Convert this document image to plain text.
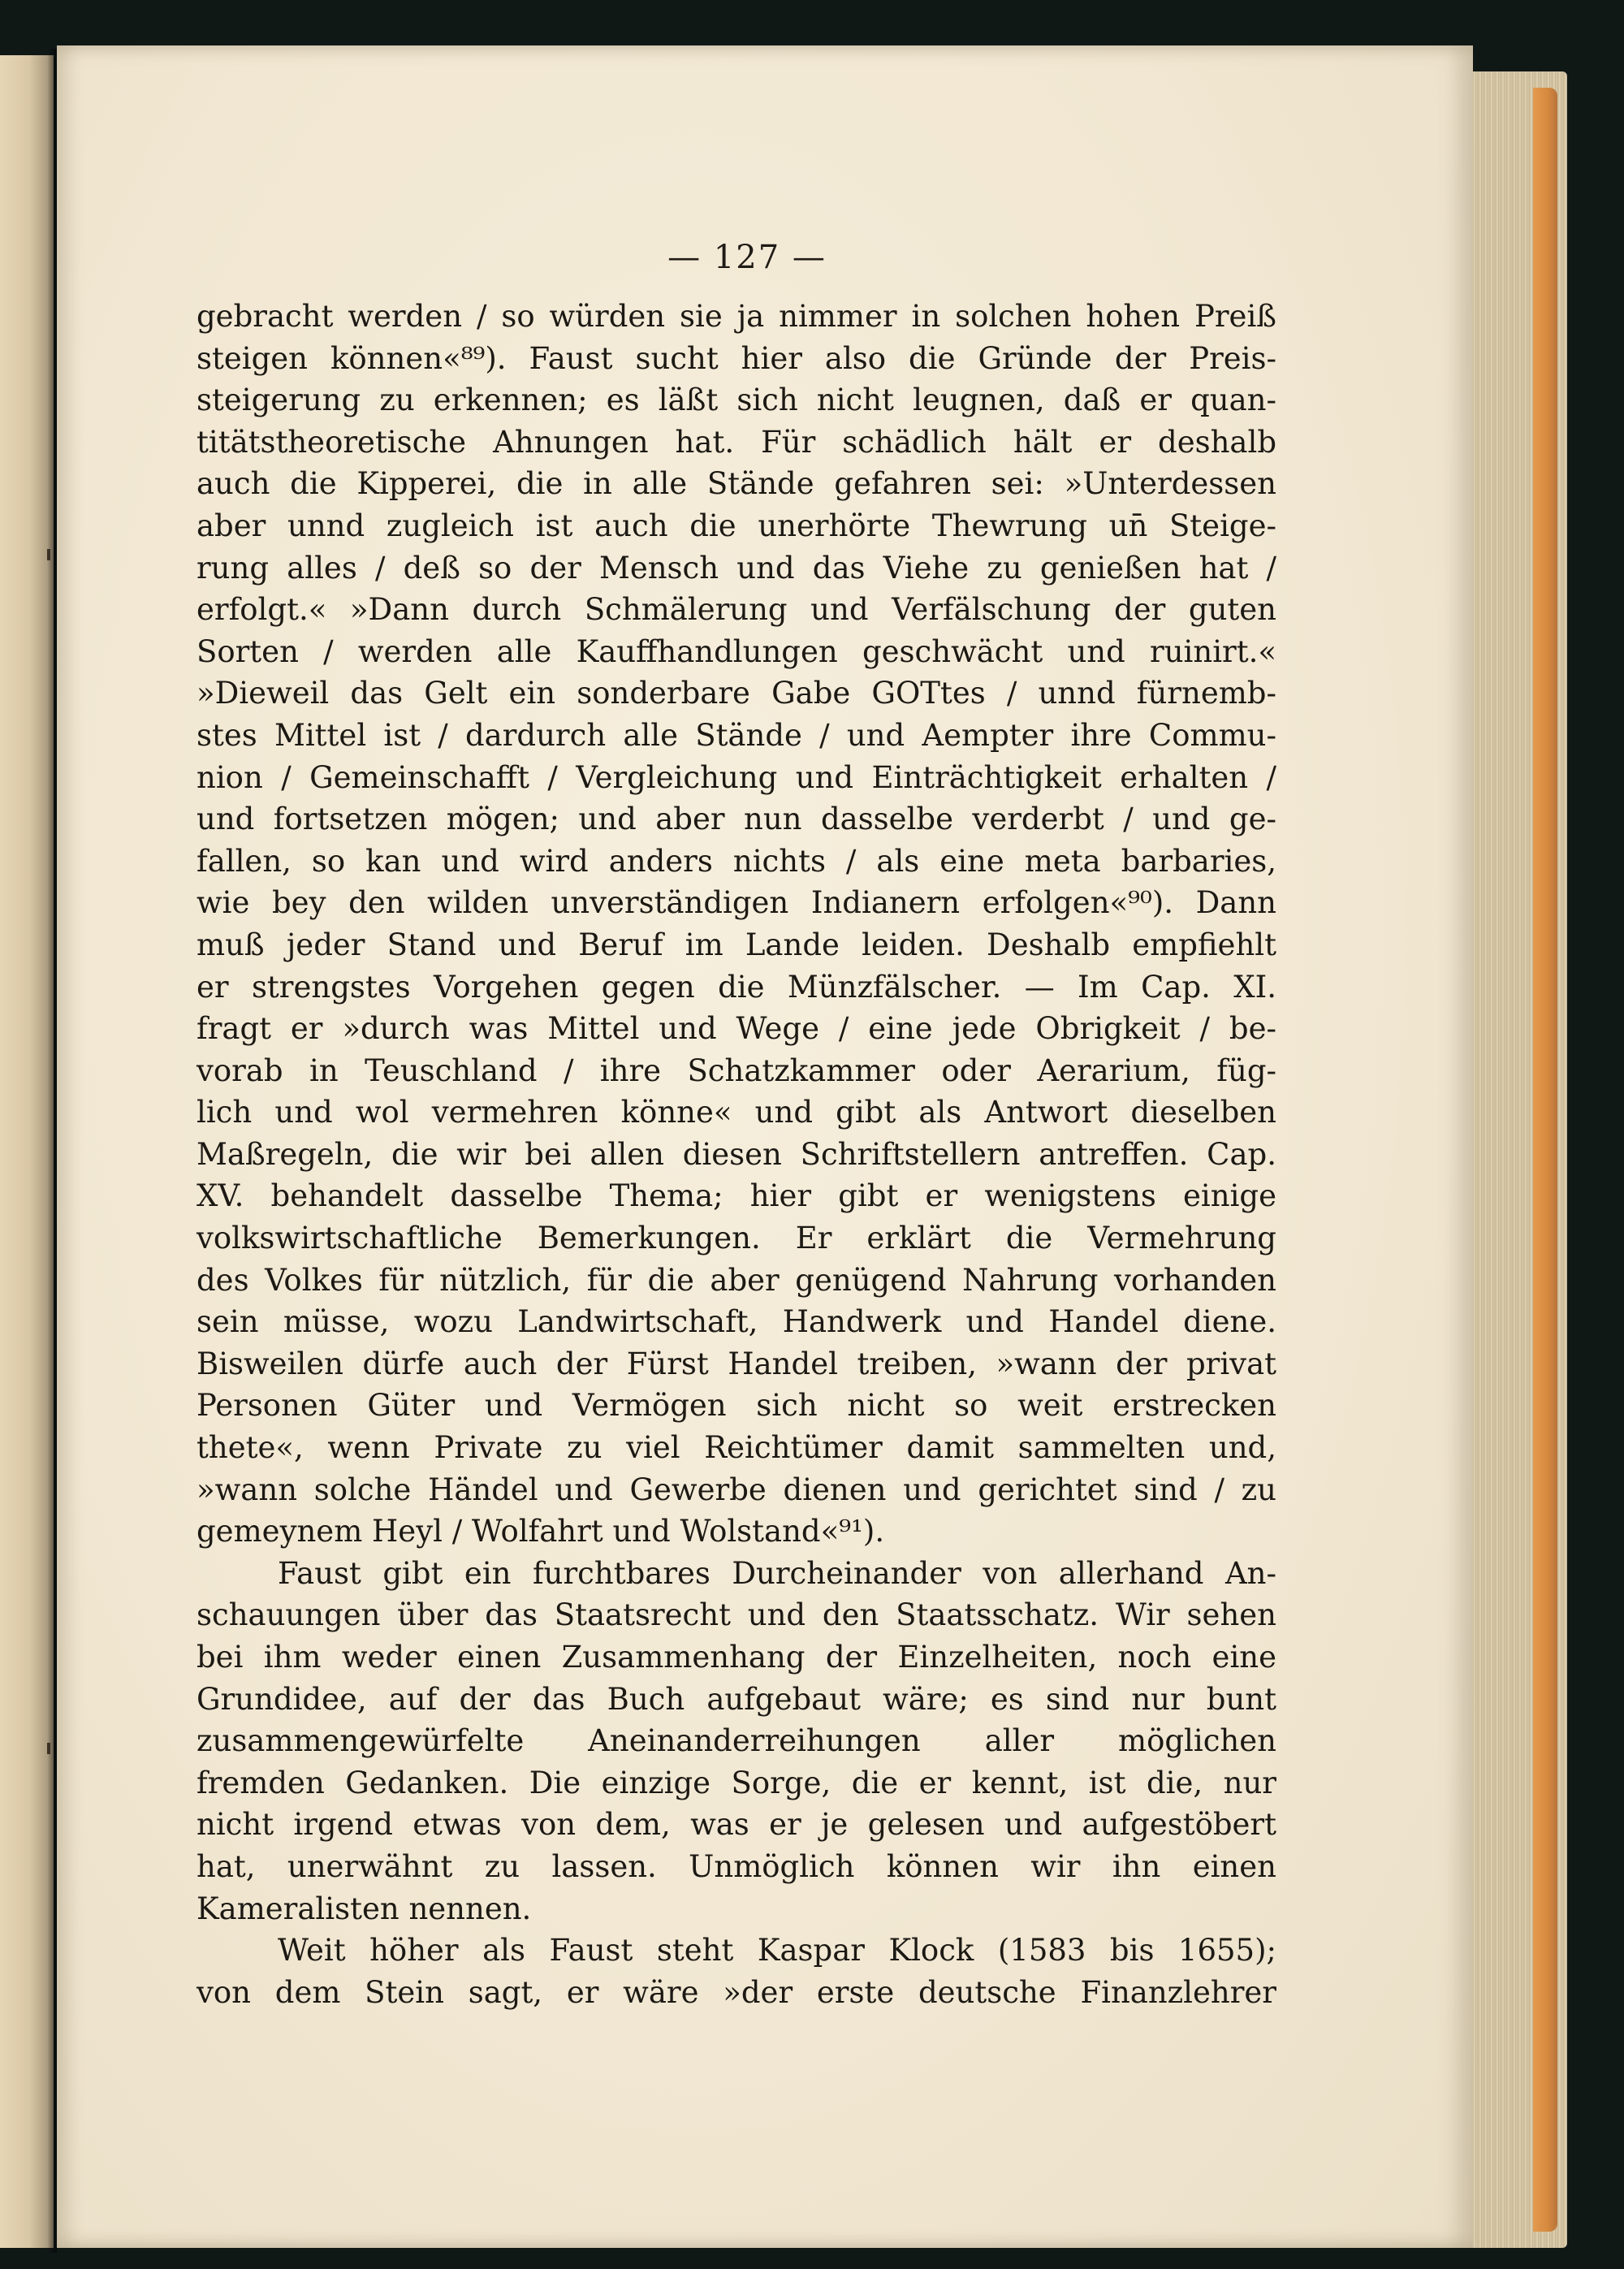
— 127 —
gebracht werden / so würden sie ja nimmer in solchen hohen Preiß
steigen können«⁸⁹). Faust sucht hier also die Gründe der Preis-
steigerung zu erkennen; es läßt sich nicht leugnen, daß er quan-
titätstheoretische Ahnungen hat. Für schädlich hält er deshalb
auch die Kipperei, die in alle Stände gefahren sei: »Unterdessen
aber unnd zugleich ist auch die unerhörte Thewrung un̄ Steige-
rung alles / deß so der Mensch und das Viehe zu genießen hat /
erfolgt.« »Dann durch Schmälerung und Verfälschung der guten
Sorten / werden alle Kauffhandlungen geschwächt und ruinirt.«
»Dieweil das Gelt ein sonderbare Gabe GOTtes / unnd fürnemb-
stes Mittel ist / dardurch alle Stände / und Aempter ihre Commu-
nion / Gemeinschafft / Vergleichung und Einträchtigkeit erhalten /
und fortsetzen mögen; und aber nun dasselbe verderbt / und ge-
fallen, so kan und wird anders nichts / als eine meta barbaries,
wie bey den wilden unverständigen Indianern erfolgen«⁹⁰). Dann
muß jeder Stand und Beruf im Lande leiden. Deshalb empfiehlt
er strengstes Vorgehen gegen die Münzfälscher. — Im Cap. XI.
fragt er »durch was Mittel und Wege / eine jede Obrigkeit / be-
vorab in Teuschland / ihre Schatzkammer oder Aerarium, füg-
lich und wol vermehren könne« und gibt als Antwort dieselben
Maßregeln, die wir bei allen diesen Schriftstellern antreffen. Cap.
XV. behandelt dasselbe Thema; hier gibt er wenigstens einige
volkswirtschaftliche Bemerkungen. Er erklärt die Vermehrung
des Volkes für nützlich, für die aber genügend Nahrung vorhanden
sein müsse, wozu Landwirtschaft, Handwerk und Handel diene.
Bisweilen dürfe auch der Fürst Handel treiben, »wann der privat
Personen Güter und Vermögen sich nicht so weit erstrecken
thete«, wenn Private zu viel Reichtümer damit sammelten und,
»wann solche Händel und Gewerbe dienen und gerichtet sind / zu
gemeynem Heyl / Wolfahrt und Wolstand«⁹¹).
Faust gibt ein furchtbares Durcheinander von allerhand An-
schauungen über das Staatsrecht und den Staatsschatz. Wir sehen
bei ihm weder einen Zusammenhang der Einzelheiten, noch eine
Grundidee, auf der das Buch aufgebaut wäre; es sind nur bunt
zusammengewürfelte Aneinanderreihungen aller möglichen
fremden Gedanken. Die einzige Sorge, die er kennt, ist die, nur
nicht irgend etwas von dem, was er je gelesen und aufgestöbert
hat, unerwähnt zu lassen. Unmöglich können wir ihn einen
Kameralisten nennen.
Weit höher als Faust steht Kaspar Klock (1583 bis 1655);
von dem Stein sagt, er wäre »der erste deutsche Finanzlehrer
